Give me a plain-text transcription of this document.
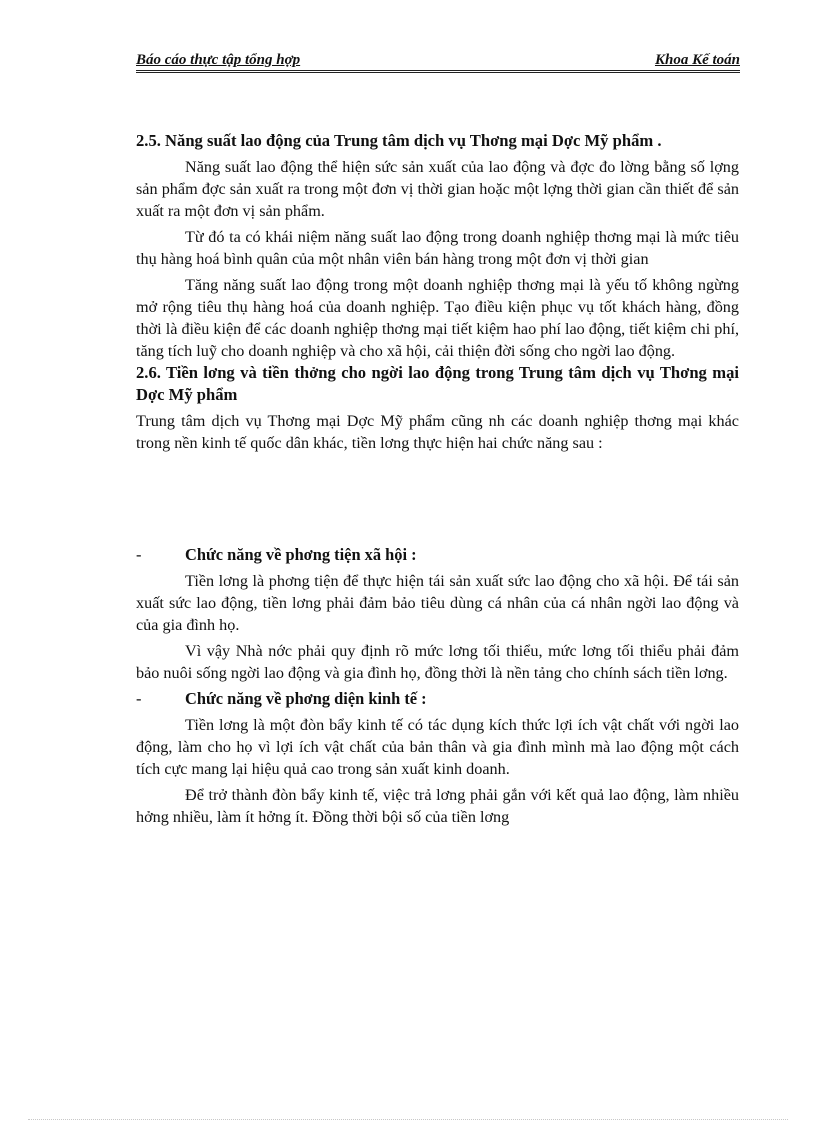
Báo cáo thực tập tổng hợp	Khoa Kế toán
2.5. Năng suất lao động của Trung tâm dịch vụ Thơng mại Dợc Mỹ phẩm .

Năng suất lao động thể hiện sức sản xuất của lao động và đợc đo lờng bằng số lợng sản phẩm đợc sản xuất ra trong một đơn vị thời gian hoặc một lợng thời gian cần thiết để sản xuất ra một đơn vị sản phẩm.

Từ đó ta có khái niệm năng suất lao động trong doanh nghiệp thơng mại là mức tiêu thụ hàng hoá bình quân của một nhân viên bán hàng trong một đơn vị thời gian

Tăng năng suất lao động trong một doanh nghiệp thơng mại là yếu tố không ngừng mở rộng tiêu thụ hàng hoá của doanh nghiệp. Tạo điều kiện phục vụ tốt khách hàng, đồng thời là điều kiện để các doanh nghiệp thơng mại tiết kiệm hao phí lao động, tiết kiệm chi phí, tăng tích luỹ cho doanh nghiệp và cho xã hội, cải thiện đời sống cho ngời lao động.

2.6. Tiền lơng và tiền thởng cho ngời lao động trong Trung tâm dịch vụ Thơng mại Dợc Mỹ phẩm

Trung tâm dịch vụ Thơng mại Dợc Mỹ phẩm cũng nh các doanh nghiệp thơng mại khác trong nền kinh tế quốc dân khác, tiền lơng thực hiện hai chức năng sau :

-	Chức năng về phơng tiện xã hội :

Tiền lơng là phơng tiện để thực hiện tái sản xuất sức lao động cho xã hội. Để tái sản xuất sức lao động, tiền lơng phải đảm bảo tiêu dùng cá nhân của cá nhân ngời lao động và của gia đình họ.

Vì vậy Nhà nớc phải quy định rõ mức lơng tối thiểu, mức lơng tối thiểu phải đảm bảo nuôi sống ngời lao động và gia đình họ, đồng thời là nền tảng cho chính sách tiền lơng.

-	Chức năng về phơng diện kinh tế :

Tiền lơng là một đòn bẩy kinh tế có tác dụng kích thức lợi ích vật chất với ngời lao động, làm cho họ vì lợi ích vật chất của bản thân và gia đình mình mà lao động một cách tích cực mang lại hiệu quả cao trong sản xuất kinh doanh.

Để trở thành đòn bẩy kinh tế, việc trả lơng phải gắn với kết quả lao động, làm nhiều hởng nhiều, làm ít hởng ít. Đồng thời bội số của tiền lơng
